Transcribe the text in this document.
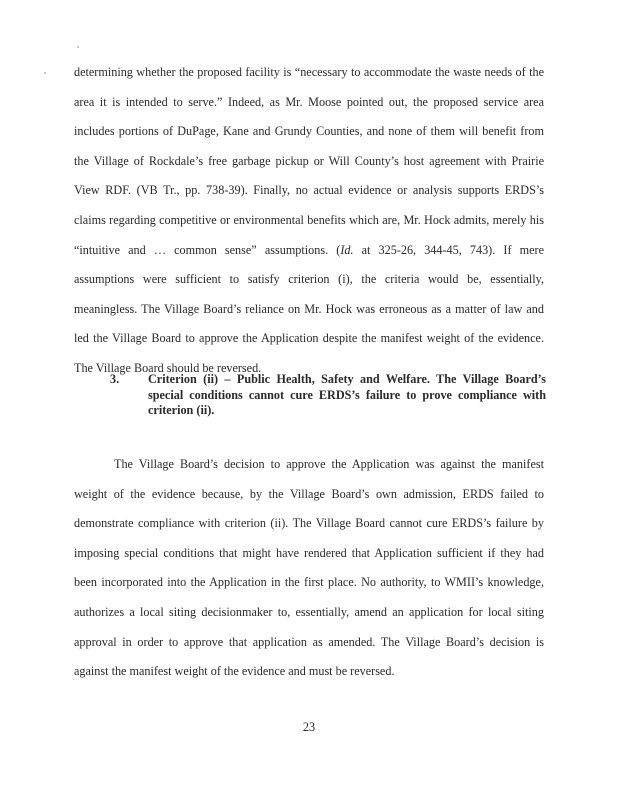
determining whether the proposed facility is “necessary to accommodate the waste needs of the area it is intended to serve.” Indeed, as Mr. Moose pointed out, the proposed service area includes portions of DuPage, Kane and Grundy Counties, and none of them will benefit from the Village of Rockdale’s free garbage pickup or Will County’s host agreement with Prairie View RDF. (VB Tr., pp. 738-39). Finally, no actual evidence or analysis supports ERDS’s claims regarding competitive or environmental benefits which are, Mr. Hock admits, merely his “intuitive and … common sense” assumptions. (Id. at 325-26, 344-45, 743). If mere assumptions were sufficient to satisfy criterion (i), the criteria would be, essentially, meaningless. The Village Board’s reliance on Mr. Hock was erroneous as a matter of law and led the Village Board to approve the Application despite the manifest weight of the evidence. The Village Board should be reversed.

3. Criterion (ii) – Public Health, Safety and Welfare. The Village Board’s special conditions cannot cure ERDS’s failure to prove compliance with criterion (ii).

The Village Board’s decision to approve the Application was against the manifest weight of the evidence because, by the Village Board’s own admission, ERDS failed to demonstrate compliance with criterion (ii). The Village Board cannot cure ERDS’s failure by imposing special conditions that might have rendered that Application sufficient if they had been incorporated into the Application in the first place. No authority, to WMII’s knowledge, authorizes a local siting decisionmaker to, essentially, amend an application for local siting approval in order to approve that application as amended. The Village Board’s decision is against the manifest weight of the evidence and must be reversed.

23
